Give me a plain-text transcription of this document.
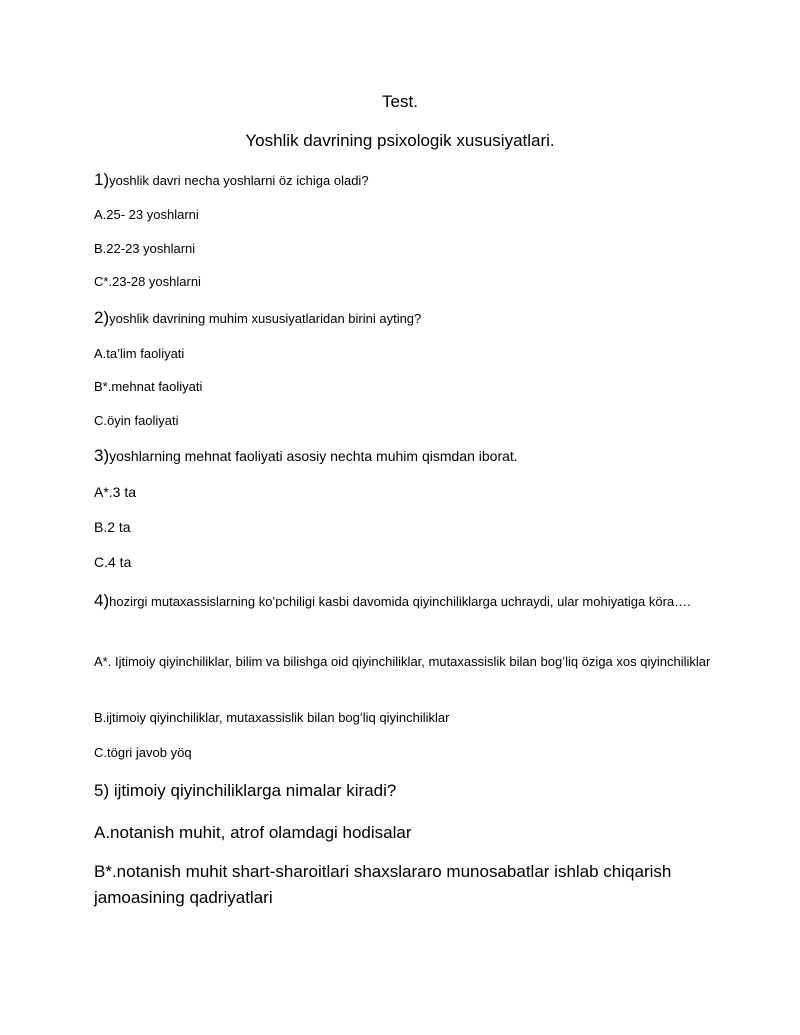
Test.

Yoshlik davrining psixologik xususiyatlari.

1)yoshlik davri necha yoshlarni öz ichiga oladi?

A.25- 23 yoshlarni

B.22-23 yoshlarni

C*.23-28 yoshlarni

2)yoshlik davrining muhim xususiyatlaridan birini ayting?

A.ta’lim faoliyati

B*.mehnat faoliyati

C.öyin faoliyati

3)yoshlarning mehnat faoliyati asosiy nechta muhim qismdan iborat.

A*.3 ta

B.2 ta

C.4 ta

4)hozirgi mutaxassislarning koʻpchiligi kasbi davomida qiyinchiliklarga uchraydi, ular mohiyatiga köra….

A*. Ijtimoiy qiyinchiliklar, bilim va bilishga oid qiyinchiliklar, mutaxassislik bilan bogʻliq öziga xos qiyinchiliklar

B.ijtimoiy qiyinchiliklar, mutaxassislik bilan bogʻliq qiyinchiliklar

C.tögri javob yöq

5) ijtimoiy qiyinchiliklarga nimalar kiradi?

A.notanish muhit, atrof olamdagi hodisalar

B*.notanish muhit shart-sharoitlari shaxslararo munosabatlar ishlab chiqarish jamoasining qadriyatlari
